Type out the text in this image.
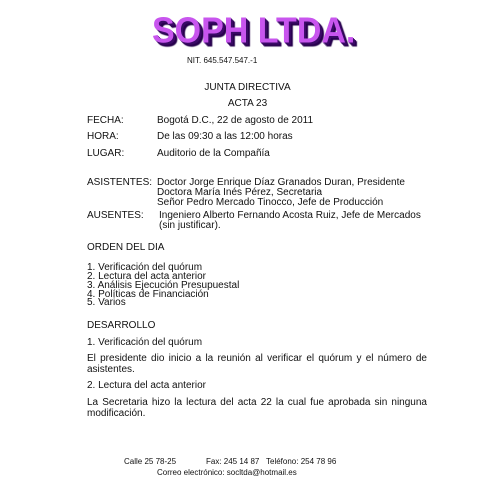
SOPH LTDA.
NIT. 645.547.547.-1
JUNTA DIRECTIVA
ACTA 23
FECHA:	Bogotá D.C., 22 de agosto de 2011
HORA:	De las 09:30 a las 12:00 horas
LUGAR:	Auditorio de la Compañía
ASISTENTES: Doctor Jorge Enrique Díaz Granados Duran, Presidente
Doctora María Inés Pérez, Secretaria
Señor Pedro Mercado Tinocco, Jefe de Producción
AUSENTES: Ingeniero Alberto Fernando Acosta Ruiz, Jefe de Mercados
(sin justificar).
ORDEN DEL DIA
1. Verificación del quórum
2. Lectura del acta anterior
3. Análisis Ejecución Presupuestal
4. Políticas de Financiación
5. Varios
DESARROLLO
1. Verificación del quórum
El presidente dio inicio a la reunión al verificar el quórum y el número de asistentes.
2. Lectura del acta anterior
La Secretaria hizo la lectura del acta 22 la cual fue aprobada sin ninguna modificación.
Calle 25 78-25	Fax: 245 14 87 Teléfono: 254 78 96
Correo electrónico: socltda@hotmail.es
